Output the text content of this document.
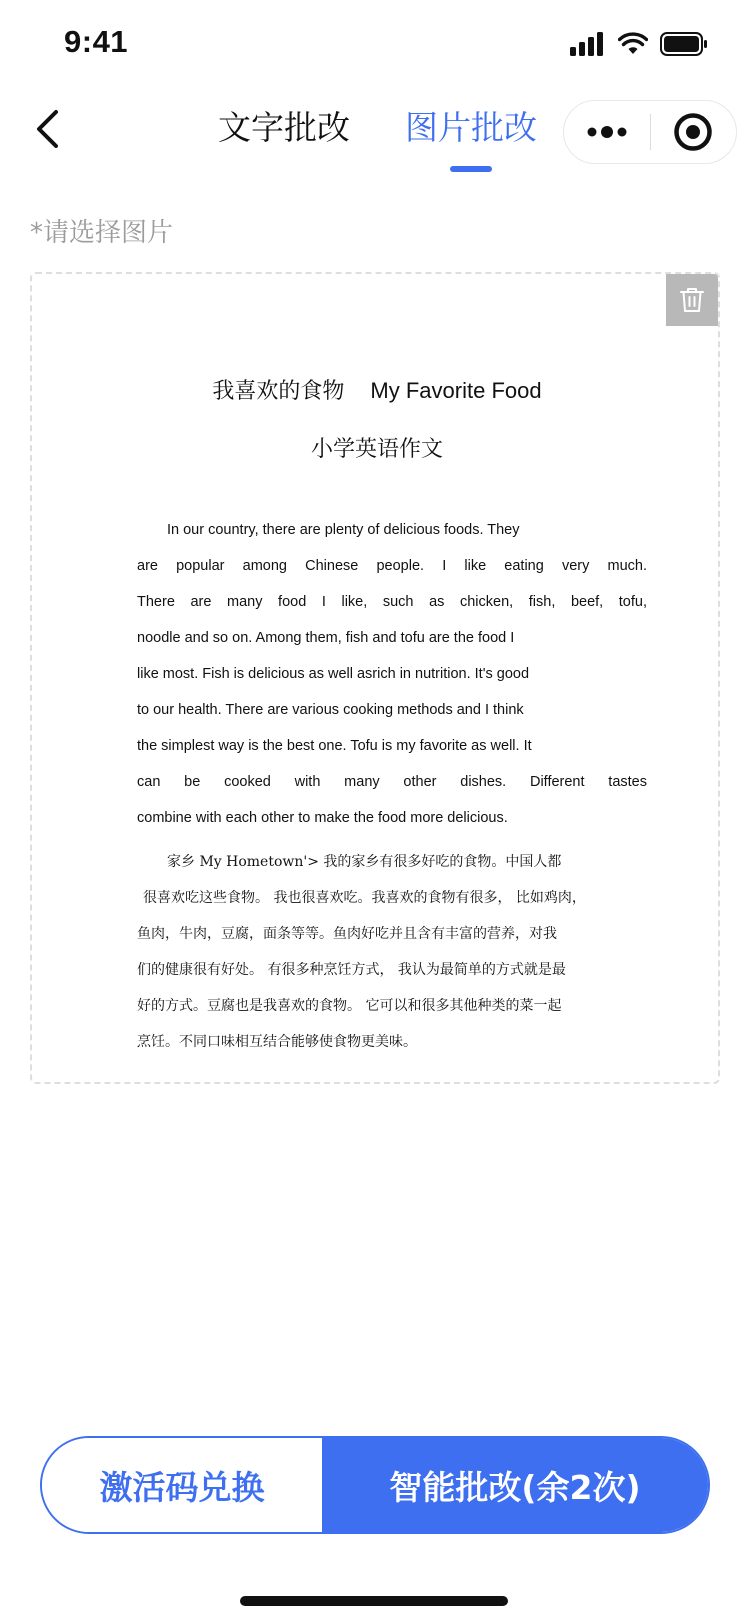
9:41
文字批改 图片批改
*请选择图片
我喜欢的食物 My Favorite Food
小学英语作文
In our country, there are plenty of delicious foods. They
are popular among Chinese people. I like eating very much.
There are many food I like, such as chicken, fish, beef, tofu,
noodle and so on. Among them, fish and tofu are the food I
like most. Fish is delicious as well asrich in nutrition. It's good
to our health. There are various cooking methods and I think
the simplest way is the best one. Tofu is my favorite as well. It
can be cooked with many other dishes. Different tastes
combine with each other to make the food more delicious.
家乡 My Hometown'> 我的家乡有很多好吃的食物。中国人都
很喜欢吃这些食物。 我也很喜欢吃。我喜欢的食物有很多， 比如鸡肉，
鱼肉，牛肉，豆腐，面条等等。鱼肉好吃并且含有丰富的营养，对我
们的健康很有好处。 有很多种烹饪方式， 我认为最简单的方式就是最
好的方式。豆腐也是我喜欢的食物。 它可以和很多其他种类的菜一起
烹饪。不同口味相互结合能够使食物更美味。
激活码兑换	智能批改(余2次)
